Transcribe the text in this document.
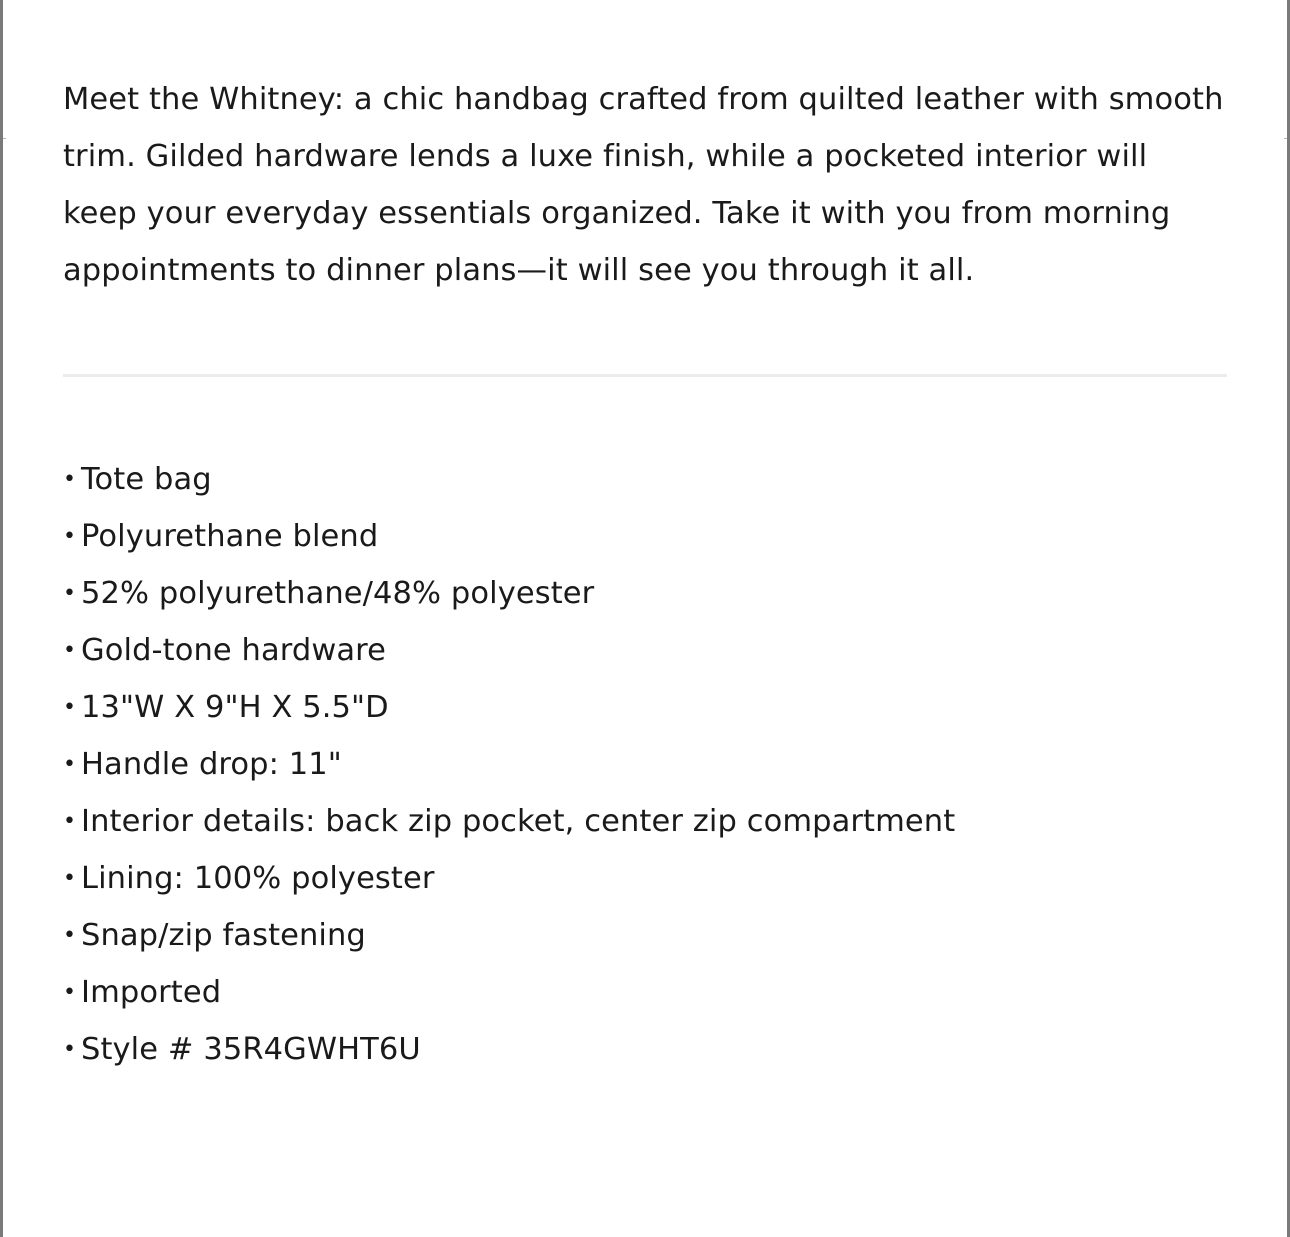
Meet the Whitney: a chic handbag crafted from quilted leather with smooth trim. Gilded hardware lends a luxe finish, while a pocketed interior will keep your everyday essentials organized. Take it with you from morning appointments to dinner plans—it will see you through it all.

• Tote bag
• Polyurethane blend
• 52% polyurethane/48% polyester
• Gold-tone hardware
• 13"W X 9"H X 5.5"D
• Handle drop: 11"
• Interior details: back zip pocket, center zip compartment
• Lining: 100% polyester
• Snap/zip fastening
• Imported
• Style # 35R4GWHT6U
